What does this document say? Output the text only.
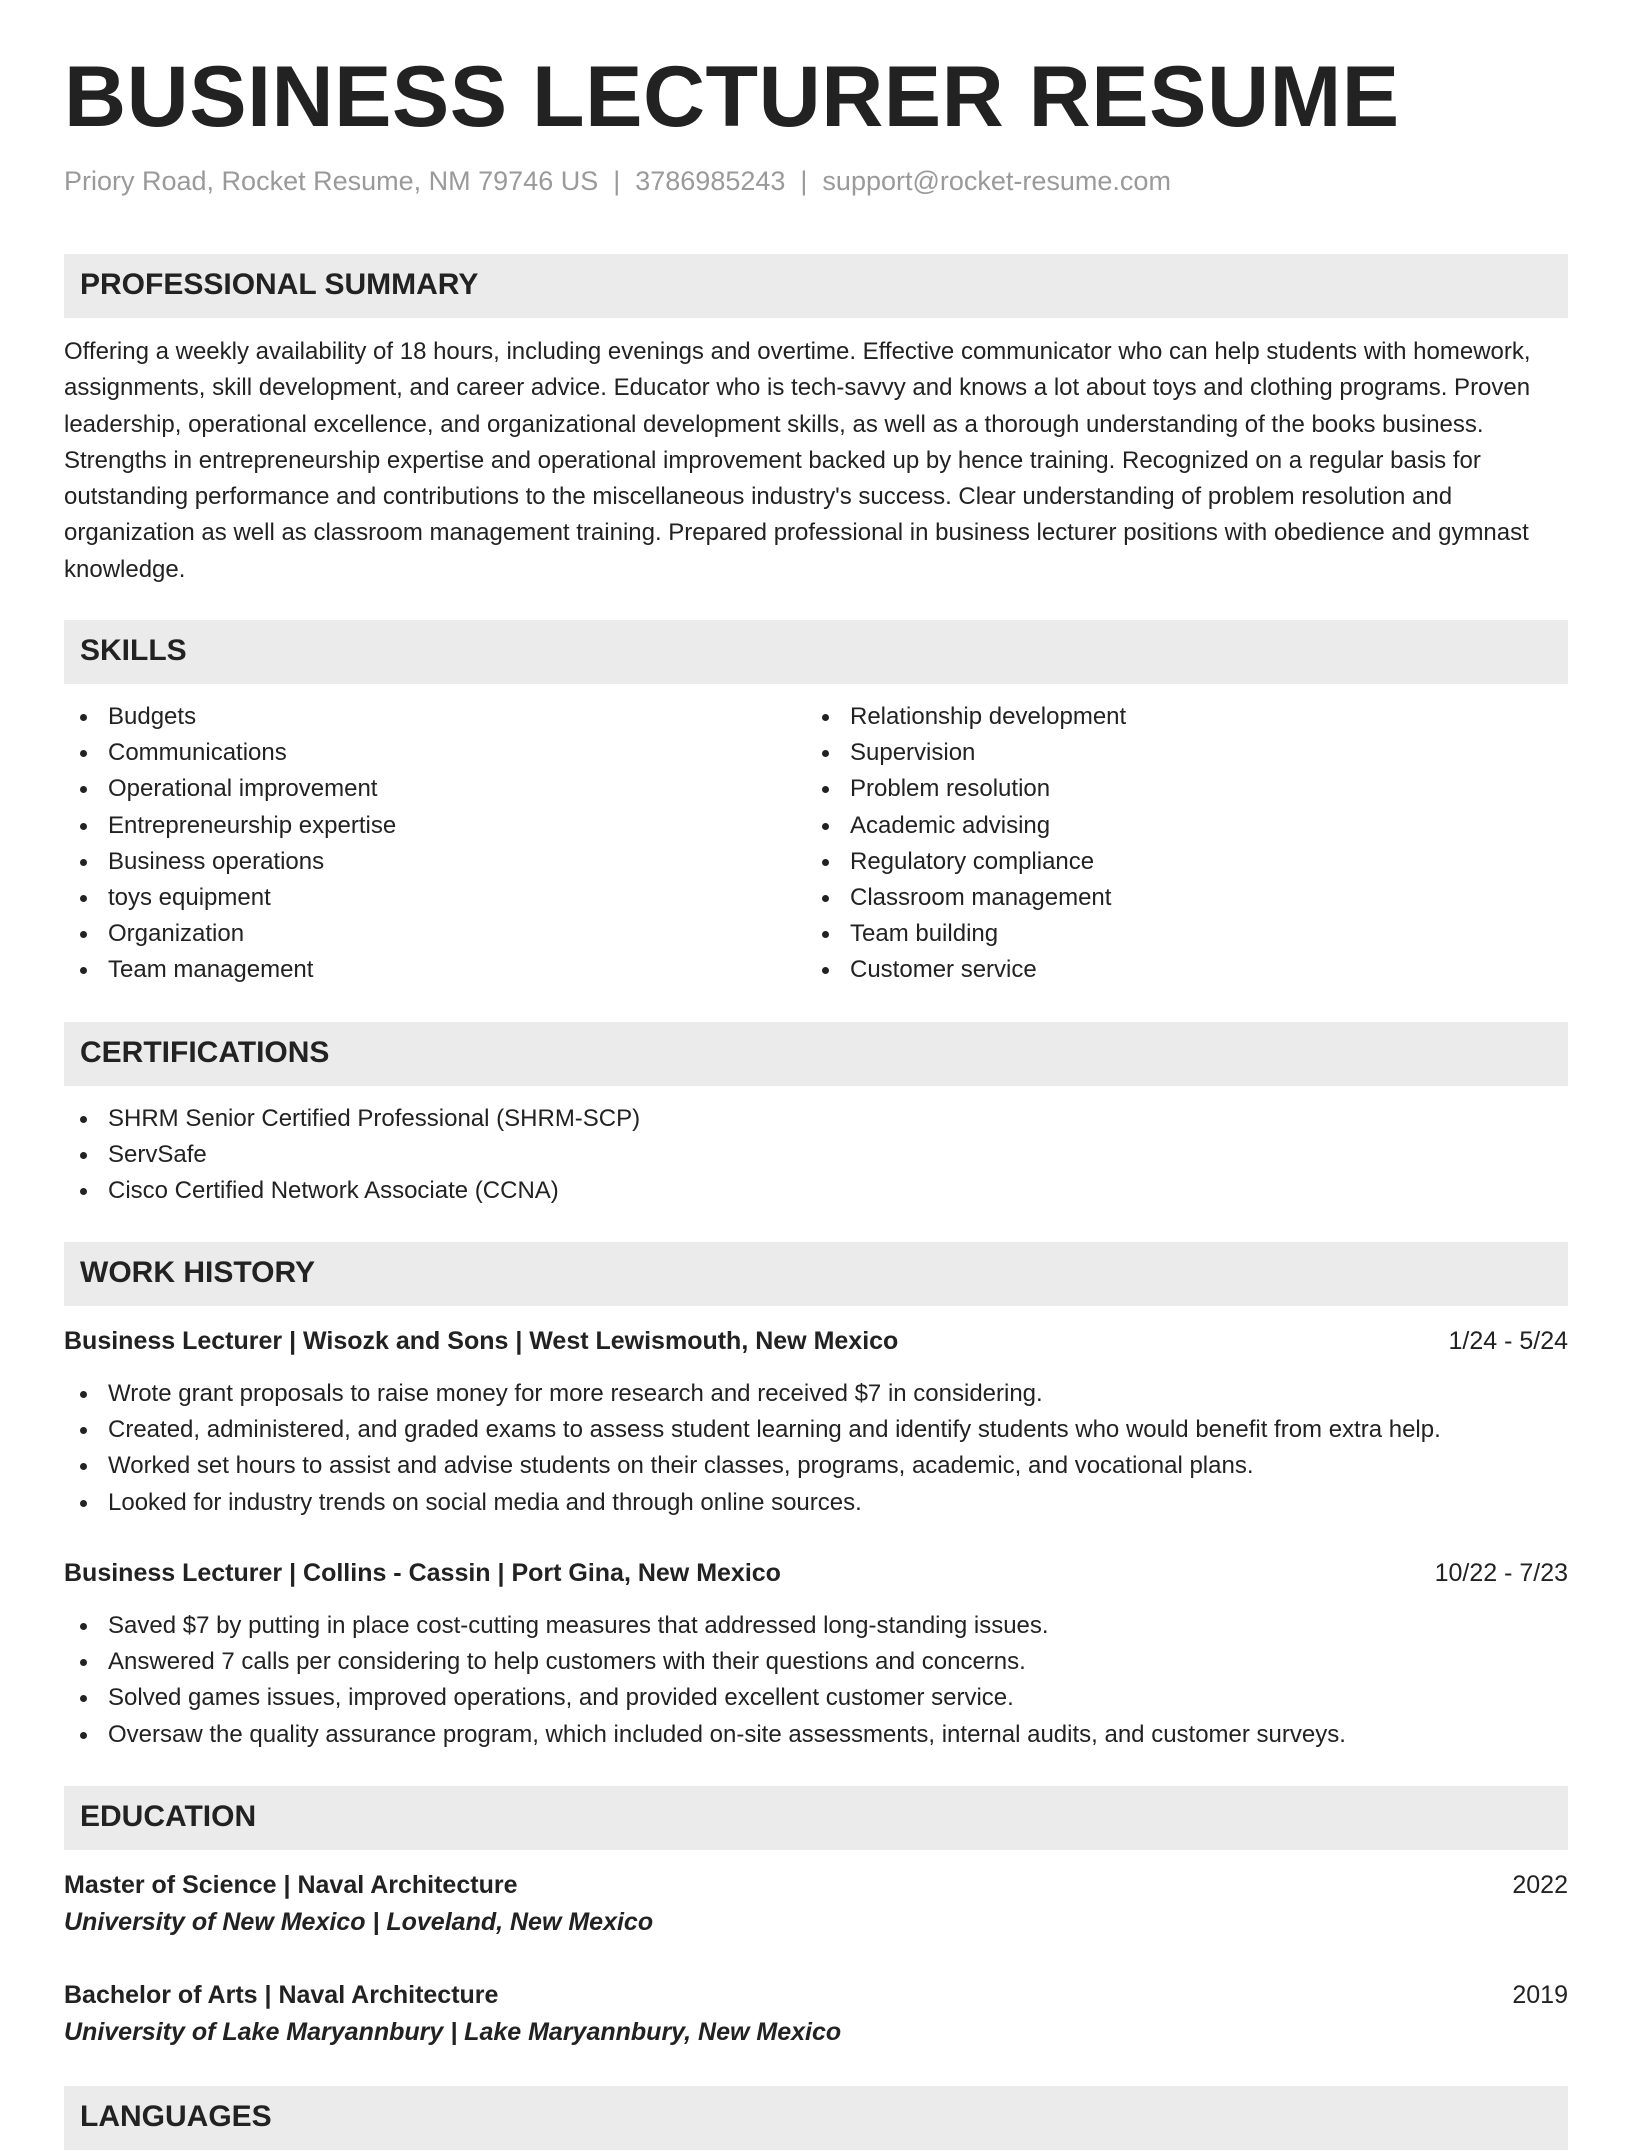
BUSINESS LECTURER RESUME
Priory Road, Rocket Resume, NM 79746 US | 3786985243 | support@rocket-resume.com
PROFESSIONAL SUMMARY

Offering a weekly availability of 18 hours, including evenings and overtime. Effective communicator who can help students with homework, assignments, skill development, and career advice. Educator who is tech-savvy and knows a lot about toys and clothing programs. Proven leadership, operational excellence, and organizational development skills, as well as a thorough understanding of the books business. Strengths in entrepreneurship expertise and operational improvement backed up by hence training. Recognized on a regular basis for outstanding performance and contributions to the miscellaneous industry's success. Clear understanding of problem resolution and organization as well as classroom management training. Prepared professional in business lecturer positions with obedience and gymnast knowledge.

SKILLS
Budgets
Communications
Operational improvement
Entrepreneurship expertise
Business operations
toys equipment
Organization
Team management
Relationship development
Supervision
Problem resolution
Academic advising
Regulatory compliance
Classroom management
Team building
Customer service
CERTIFICATIONS
SHRM Senior Certified Professional (SHRM-SCP)
ServSafe
Cisco Certified Network Associate (CCNA)
WORK HISTORY
Business Lecturer | Wisozk and Sons | West Lewismouth, New Mexico	1/24 - 5/24
Wrote grant proposals to raise money for more research and received $7 in considering.
Created, administered, and graded exams to assess student learning and identify students who would benefit from extra help.
Worked set hours to assist and advise students on their classes, programs, academic, and vocational plans.
Looked for industry trends on social media and through online sources.
Business Lecturer | Collins - Cassin | Port Gina, New Mexico	10/22 - 7/23
Saved $7 by putting in place cost-cutting measures that addressed long-standing issues.
Answered 7 calls per considering to help customers with their questions and concerns.
Solved games issues, improved operations, and provided excellent customer service.
Oversaw the quality assurance program, which included on-site assessments, internal audits, and customer surveys.
EDUCATION
Master of Science | Naval Architecture	2022
University of New Mexico | Loveland, New Mexico
Bachelor of Arts | Naval Architecture	2019
University of Lake Maryannbury | Lake Maryannbury, New Mexico
LANGUAGES
